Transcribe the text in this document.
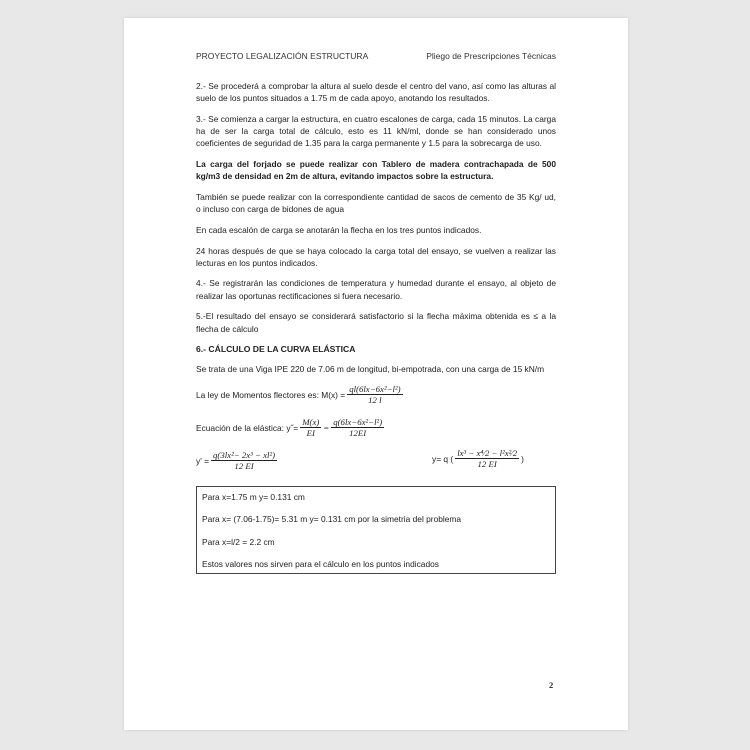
PROYECTO LEGALIZACIÓN ESTRUCTURA	Pliego de Prescripciones Técnicas

2.- Se procederá a comprobar la altura al suelo desde el centro del vano, así como las alturas al suelo de los puntos situados a 1.75 m de cada apoyo, anotando los resultados.

3.- Se comienza a cargar la estructura, en cuatro escalones de carga, cada 15 minutos. La carga ha de ser la carga total de cálculo, esto es 11 kN/ml, donde se han considerado unos coeficientes de seguridad de 1.35 para la carga permanente y 1.5 para la sobrecarga de uso.

La carga del forjado se puede realizar con Tablero de madera contrachapada de 500 kg/m3 de densidad en 2m de altura, evitando impactos sobre la estructura.

También se puede realizar con la correspondiente cantidad de sacos de cemento de 35 Kg/ ud, o incluso con carga de bidones de agua

En cada escalón de carga se anotarán la flecha en los tres puntos indicados.

24 horas después de que se haya colocado la carga total del ensayo, se vuelven a realizar las lecturas en los puntos indicados.

4.- Se registrarán las condiciones de temperatura y humedad durante el ensayo, al objeto de realizar las oportunas rectificaciones si fuera necesario.

5.-El resultado del ensayo se considerará satisfactorio si la flecha máxima obtenida es ≤ a la flecha de cálculo

6.- CÁLCULO DE LA CURVA ELÁSTICA

Se trata de una Viga IPE 220 de 7.06 m de longitud, bi-empotrada, con una carga de 15 kN/m

La ley de Momentos flectores es: $M(x) = \frac{\text{ql(6lx−6x²−l²)}}{12 l}$
Ecuación de la elástica: y˝= $\frac{M(x)}{EI} = \frac{\text{q(6lx−6x²−l²)}}{12EI}$
$y' = \frac{\text{q(3lx²− 2x³ − xl²)}}{12 EI}$	y= q ( $\frac{\text{lx³ − x⁴⁄2 − l²x²⁄2}}{12 EI}$ )
Para x=1.75 m y= 0.131 cm
Para x= (7.06-1.75)= 5.31 m y= 0.131 cm por la simetria del problema
Para x=l/2 = 2.2 cm
Estos valores nos sirven para el cálculo en los puntos indicados
2
